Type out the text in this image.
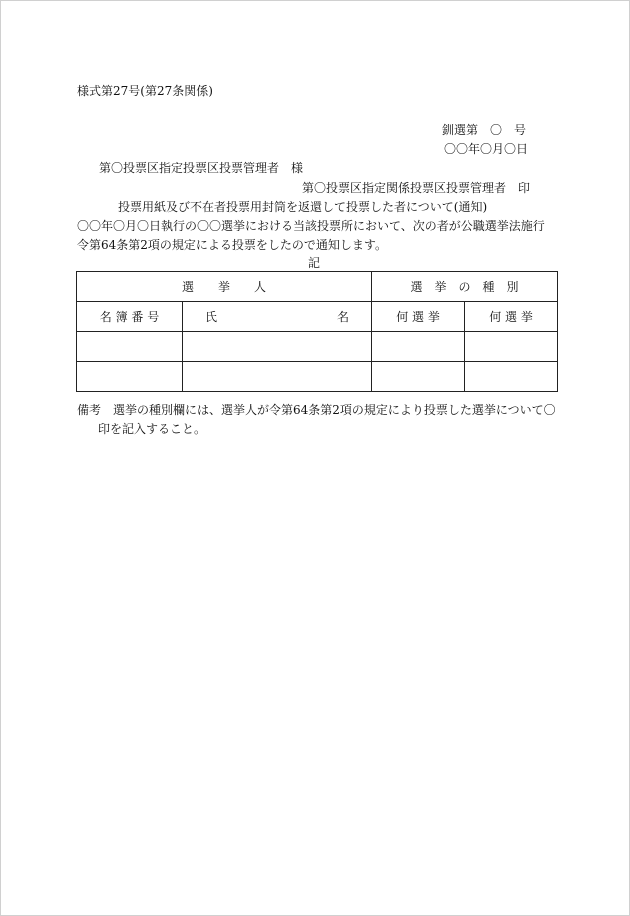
様式第27号(第27条関係)
釧選第　〇　号
〇〇年〇月〇日
第〇投票区指定投票区投票管理者　様
第〇投票区指定関係投票区投票管理者　印
投票用紙及び不在者投票用封筒を返還して投票した者について(通知)
〇〇年〇月〇日執行の〇〇選挙における当該投票所において、次の者が公職選挙法施行
令第64条第2項の規定による投票をしたので通知します。
記
選　　挙　　人		選　挙　の　種　別	
名 簿 番 号	氏 名	何 選 挙	何 選 挙

備考　選挙の種別欄には、選挙人が令第64条第2項の規定により投票した選挙について〇
印を記入すること。
